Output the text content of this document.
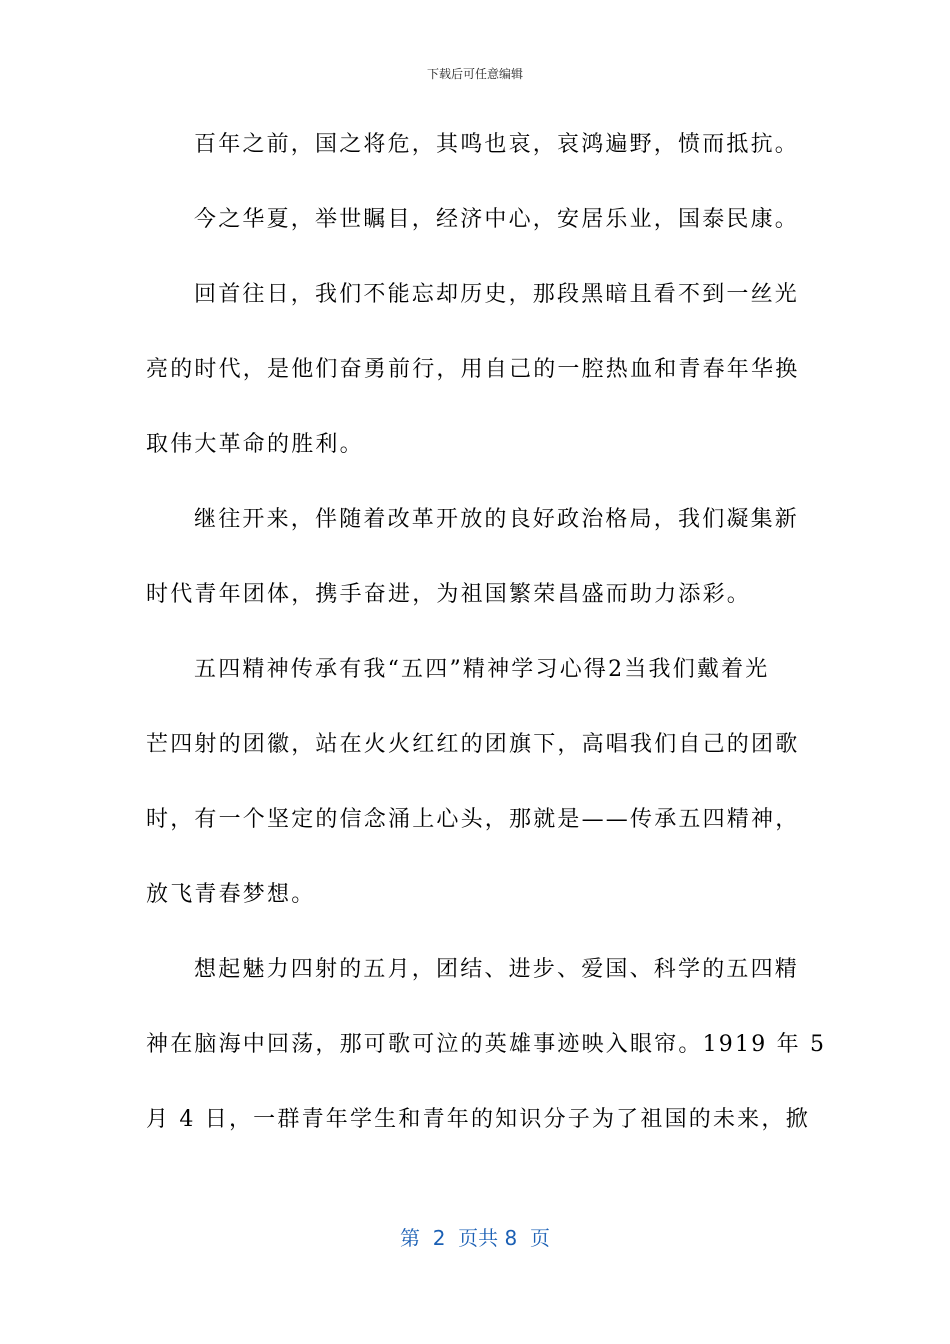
下载后可任意编辑
百年之前，国之将危，其鸣也哀，哀鸿遍野，愤而抵抗。
今之华夏，举世瞩目，经济中心，安居乐业，国泰民康。
回首往日，我们不能忘却历史，那段黑暗且看不到一丝光
亮的时代，是他们奋勇前行，用自己的一腔热血和青春年华换
取伟大革命的胜利。
继往开来，伴随着改革开放的良好政治格局，我们凝集新
时代青年团体，携手奋进，为祖国繁荣昌盛而助力添彩。
五四精神传承有我“五四”精神学习心得2当我们戴着光
芒四射的团徽，站在火火红红的团旗下，高唱我们自己的团歌
时，有一个坚定的信念涌上心头，那就是——传承五四精神，
放飞青春梦想。
想起魅力四射的五月，团结、进步、爱国、科学的五四精
神在脑海中回荡，那可歌可泣的英雄事迹映入眼帘。1919 年 5
月 4 日，一群青年学生和青年的知识分子为了祖国的未来，掀
第  2  页共 8  页
